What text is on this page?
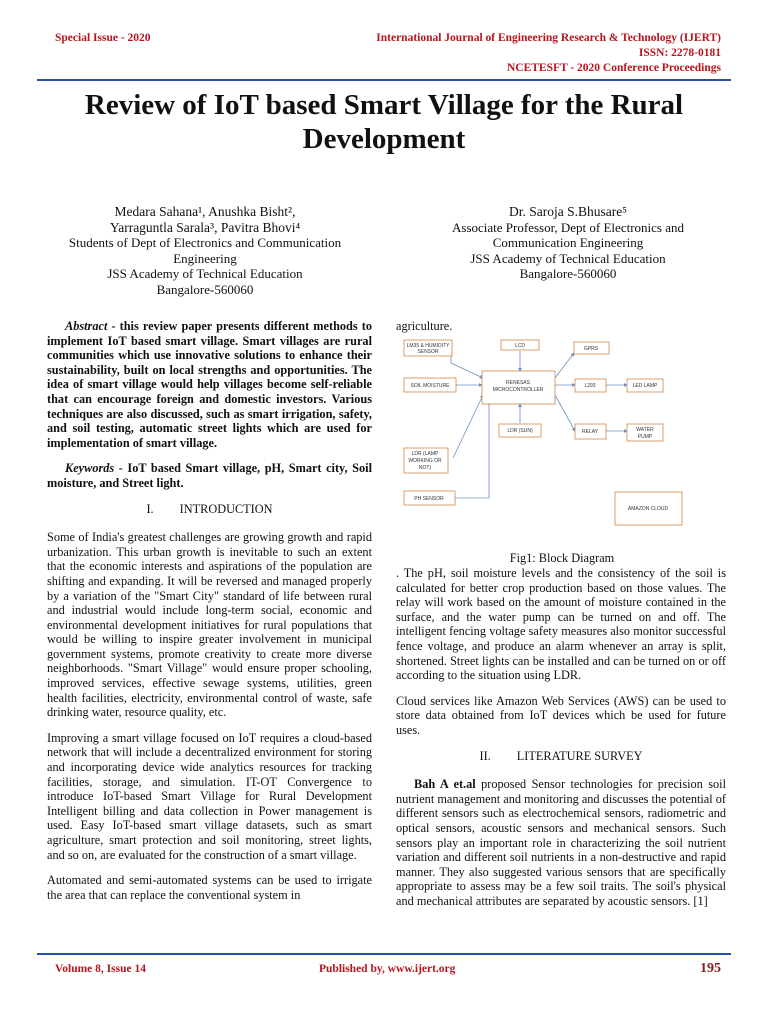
Special Issue - 2020	International Journal of Engineering Research & Technology (IJERT)
ISSN: 2278-0181
NCETESFT - 2020 Conference Proceedings
Review of IoT based Smart Village for the Rural
Development
Medara Sahana¹, Anushka Bisht²,
Yarraguntla Sarala³, Pavitra Bhovi⁴
Students of Dept of Electronics and Communication
Engineering
JSS Academy of Technical Education
Bangalore-560060
Dr. Saroja S.Bhusare⁵
Associate Professor, Dept of Electronics and
Communication Engineering
JSS Academy of Technical Education
Bangalore-560060

Abstract - this review paper presents different methods to implement IoT based smart village. Smart villages are rural communities which use innovative solutions to enhance their sustainability, built on local strengths and opportunities. The idea of smart village would help villages become self-reliable that can encourage foreign and domestic investors. Various techniques are also discussed, such as smart irrigation, safety, and soil testing, automatic street lights which are used for implementation of smart village.

Keywords - IoT based Smart village, pH, Smart city, Soil moisture, and Street light.

I. INTRODUCTION

Some of India's greatest challenges are growing growth and rapid urbanization. This urban growth is inevitable to such an extent that the economic interests and aspirations of the population are shifting and expanding. It will be reversed and managed properly by a variation of the "Smart City" standard of life between rural and industrial would include long-term social, economic and environmental development initiatives for rural populations that would be willing to inspire greater involvement in municipal government systems, promote creativity to create more diverse neighborhoods. "Smart Village" would ensure proper schooling, improved services, effective sewage systems, utilities, green health facilities, electricity, environmental control of waste, safe drinking water, resource quality, etc.

Improving a smart village focused on IoT requires a cloud-based network that will include a decentralized environment for storing and incorporating device wide analytics resources for tracking facilities, storage, and simulation. IT-OT Convergence to introduce IoT-based Smart Village for Rural Development Intelligent billing and data collection in Power management is used. Easy IoT-based smart village datasets, such as smart agriculture, smart protection and soil monitoring, street lights, and so on, are evaluated for the construction of a smart village.

Automated and semi-automated systems can be used to irrigate the area that can replace the conventional system in

agriculture.
LM35 & HUMIDITY
SENSOR
LCD	GPRS
SOIL MOISTURE	RENESAS
MICROCONTROLLER
L293	LED LAMP
LDR (SUN)	RELAY	WATER
PUMP
LDR (LAMP
WORKING OR
NOT)
PH SENSOR
AMAZON CLOUD
Fig1: Block Diagram

. The pH, soil moisture levels and the consistency of the soil is calculated for better crop production based on those values. The relay will work based on the amount of moisture contained in the surface, and the water pump can be turned on and off. The intelligent fencing voltage safety measures also monitor successful fence voltage, and produce an alarm whenever an array is split, shortened. Street lights can be installed and can be turned on or off according to the situation using LDR.

Cloud services like Amazon Web Services (AWS) can be used to store data obtained from IoT devices which be used for future uses.

II. LITERATURE SURVEY

Bah A et.al proposed Sensor technologies for precision soil nutrient management and monitoring and discusses the potential of different sensors such as electrochemical sensors, radiometric and optical sensors, acoustic sensors and mechanical sensors. Such sensors play an important role in characterizing the soil nutrient variation and different soil nutrients in a non-destructive and rapid manner. They also suggested various sensors that are specifically appropriate to assess may be a few soil traits. The soil's physical and mechanical attributes are separated by acoustic sensors. [1]

Volume 8, Issue 14	Published by, www.ijert.org	195
